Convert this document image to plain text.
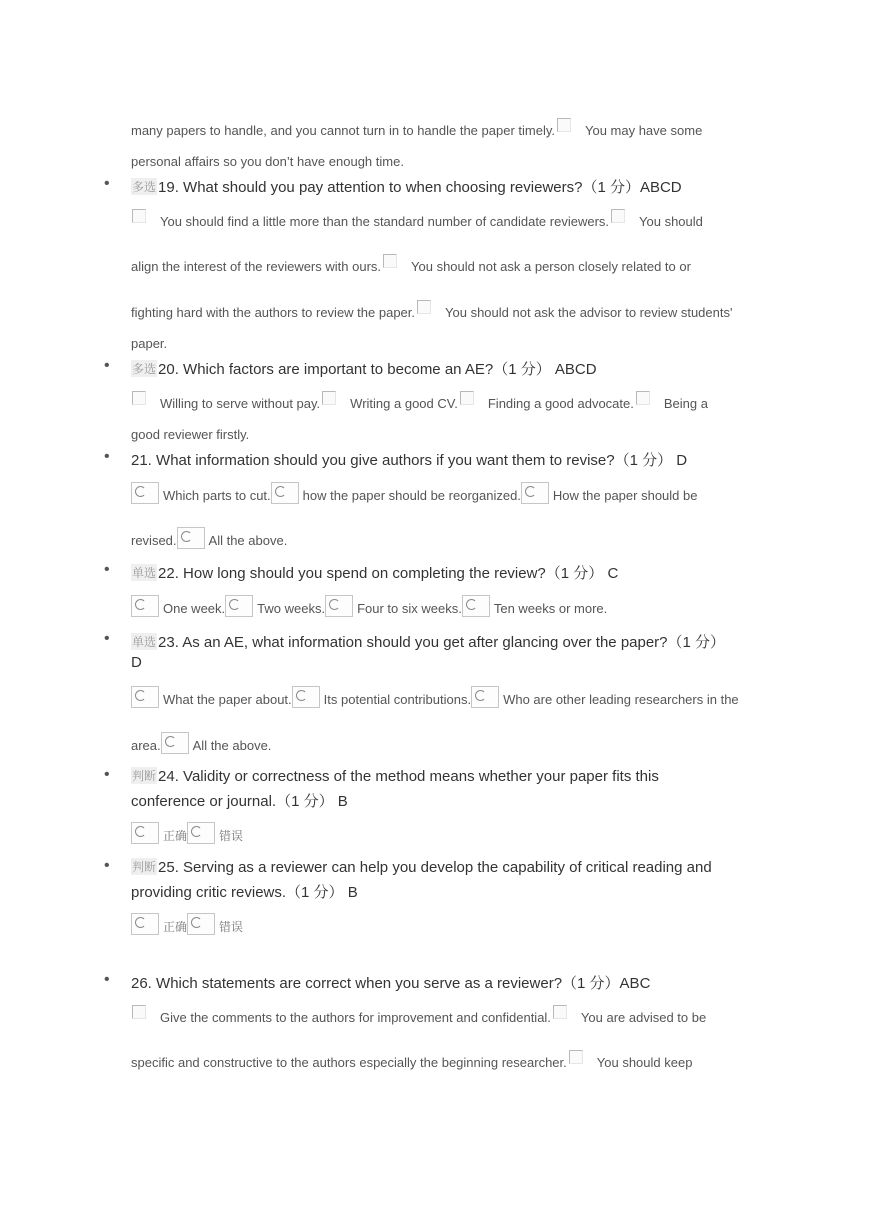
many papers to handle, and you cannot turn in to handle the paper timely. You may have some
personal affairs so you don’t have enough time.
• 多选 19. What should you pay attention to when choosing reviewers?（1 分）ABCD
You should find a little more than the standard number of candidate reviewers. You should
align the interest of the reviewers with ours. You should not ask a person closely related to or
fighting hard with the authors to review the paper. You should not ask the advisor to review students'
paper.
• 多选 20. Which factors are important to become an AE?（1 分） ABCD
Willing to serve without pay. Writing a good CV. Finding a good advocate. Being a
good reviewer firstly.
• 21. What information should you give authors if you want them to revise?（1 分） D
Which parts to cut. how the paper should be reorganized. How the paper should be
revised. All the above.
• 单选 22. How long should you spend on completing the review?（1 分） C
One week. Two weeks. Four to six weeks. Ten weeks or more.
• 单选 23. As an AE, what information should you get after glancing over the paper?（1 分）
D
What the paper about. Its potential contributions. Who are other leading researchers in the
area. All the above.
• 判断 24. Validity or correctness of the method means whether your paper fits this
conference or journal.（1 分） B
正确	错误
• 判断 25. Serving as a reviewer can help you develop the capability of critical reading and
providing critic reviews.（1 分） B
正确	错误
• 26. Which statements are correct when you serve as a reviewer?（1 分）ABC
Give the comments to the authors for improvement and confidential. You are advised to be
specific and constructive to the authors especially the beginning researcher. You should keep
